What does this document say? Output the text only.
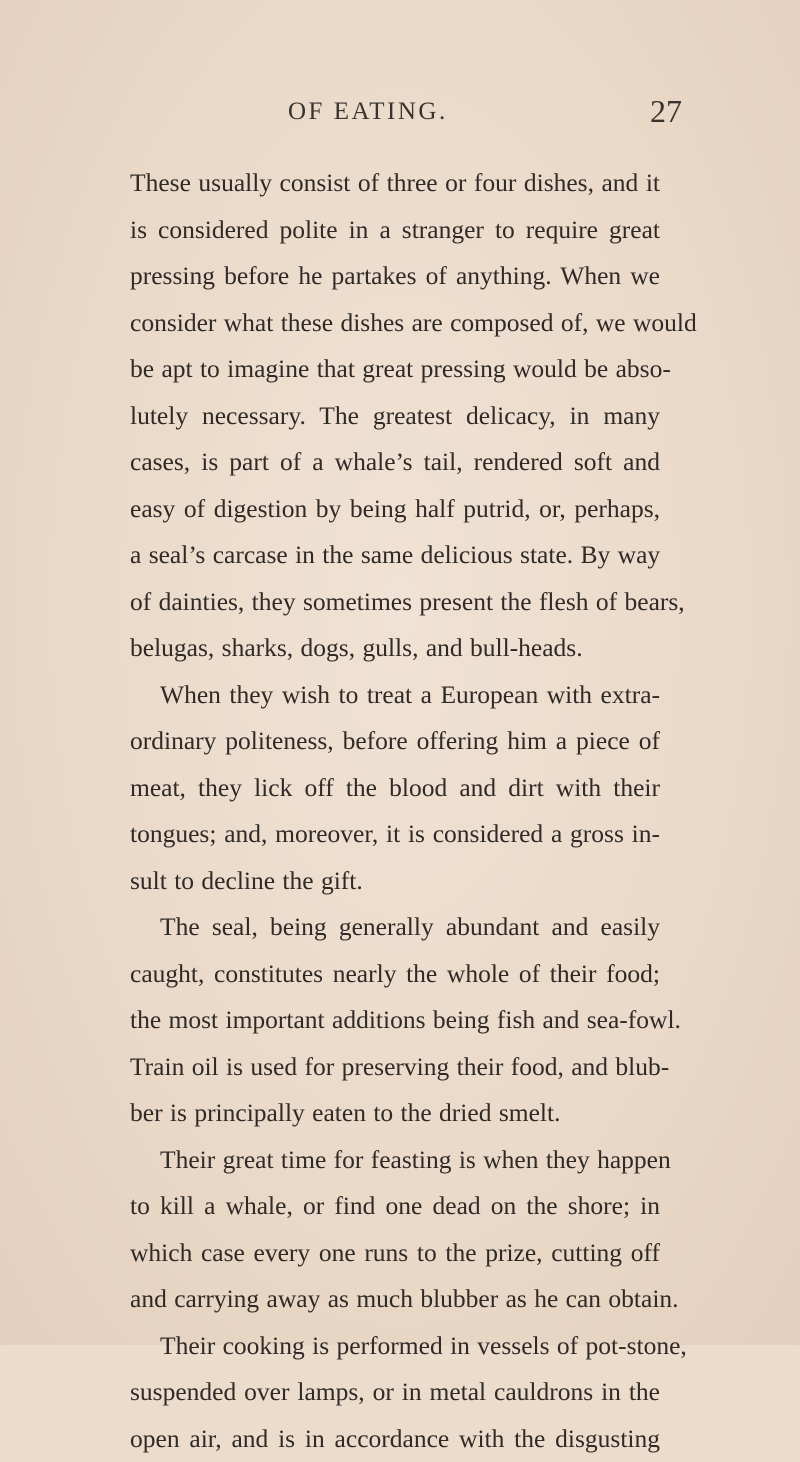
OF EATING.	27
These usually consist of three or four dishes, and it
is considered polite in a stranger to require great
pressing before he partakes of anything. When we
consider what these dishes are composed of, we would
be apt to imagine that great pressing would be abso-
lutely necessary. The greatest delicacy, in many
cases, is part of a whale’s tail, rendered soft and
easy of digestion by being half putrid, or, perhaps,
a seal’s carcase in the same delicious state. By way
of dainties, they sometimes present the flesh of bears,
belugas, sharks, dogs, gulls, and bull-heads.
When they wish to treat a European with extra-
ordinary politeness, before offering him a piece of
meat, they lick off the blood and dirt with their
tongues; and, moreover, it is considered a gross in-
sult to decline the gift.
The seal, being generally abundant and easily
caught, constitutes nearly the whole of their food;
the most important additions being fish and sea-fowl.
Train oil is used for preserving their food, and blub-
ber is principally eaten to the dried smelt.
Their great time for feasting is when they happen
to kill a whale, or find one dead on the shore; in
which case every one runs to the prize, cutting off
and carrying away as much blubber as he can obtain.
Their cooking is performed in vessels of pot-stone,
suspended over lamps, or in metal cauldrons in the
open air, and is in accordance with the disgusting
